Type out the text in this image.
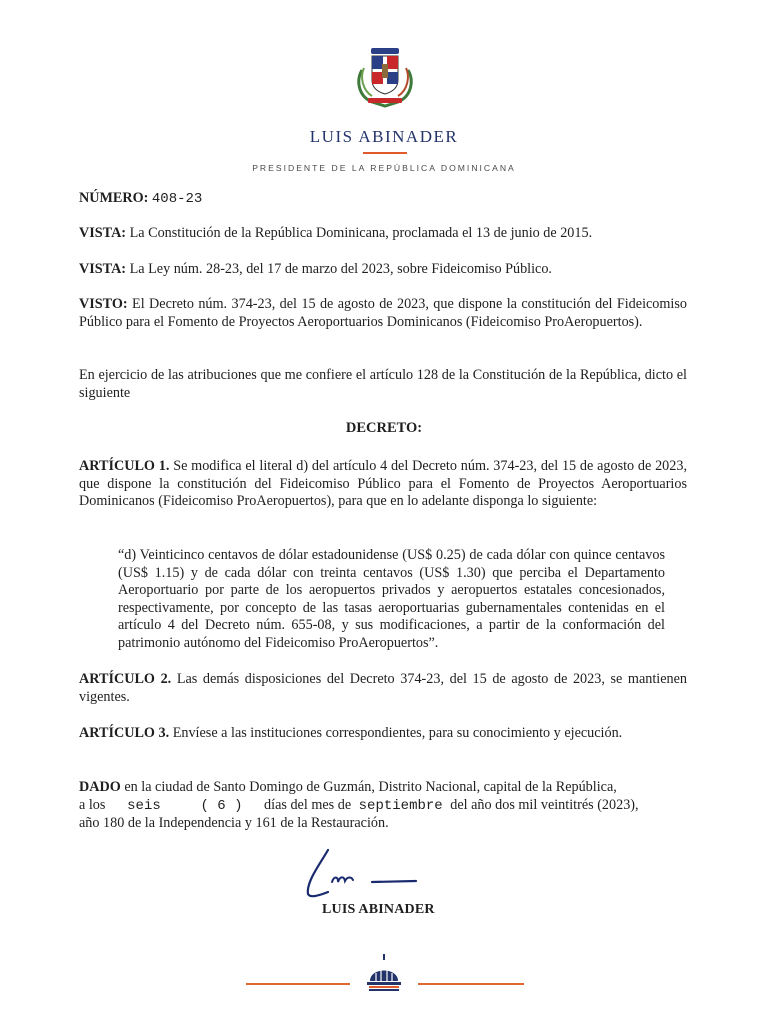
LUIS ABINADER
PRESIDENTE DE LA REPÚBLICA DOMINICANA
NÚMERO: 408-23
VISTA: La Constitución de la República Dominicana, proclamada el 13 de junio de 2015.
VISTA: La Ley núm. 28-23, del 17 de marzo del 2023, sobre Fideicomiso Público.
VISTO: El Decreto núm. 374-23, del 15 de agosto de 2023, que dispone la constitución del Fideicomiso Público para el Fomento de Proyectos Aeroportuarios Dominicanos (Fideicomiso ProAeropuertos).
En ejercicio de las atribuciones que me confiere el artículo 128 de la Constitución de la República, dicto el siguiente
DECRETO:
ARTÍCULO 1. Se modifica el literal d) del artículo 4 del Decreto núm. 374-23, del 15 de agosto de 2023, que dispone la constitución del Fideicomiso Público para el Fomento de Proyectos Aeroportuarios Dominicanos (Fideicomiso ProAeropuertos), para que en lo adelante disponga lo siguiente:
“d) Veinticinco centavos de dólar estadounidense (US$ 0.25) de cada dólar con quince centavos (US$ 1.15) y de cada dólar con treinta centavos (US$ 1.30) que perciba el Departamento Aeroportuario por parte de los aeropuertos privados y aeropuertos estatales concesionados, respectivamente, por concepto de las tasas aeroportuarias gubernamentales contenidas en el artículo 4 del Decreto núm. 655-08, y sus modificaciones, a partir de la conformación del patrimonio autónomo del Fideicomiso ProAeropuertos”.
ARTÍCULO 2. Las demás disposiciones del Decreto 374-23, del 15 de agosto de 2023, se mantienen vigentes.
ARTÍCULO 3. Envíese a las instituciones correspondientes, para su conocimiento y ejecución.
DADO en la ciudad de Santo Domingo de Guzmán, Distrito Nacional, capital de la República,
a los seis	( 6 ) días del mes de septiembre del año dos mil veintitrés (2023),
año 180 de la Independencia y 161 de la Restauración.
LUIS ABINADER
